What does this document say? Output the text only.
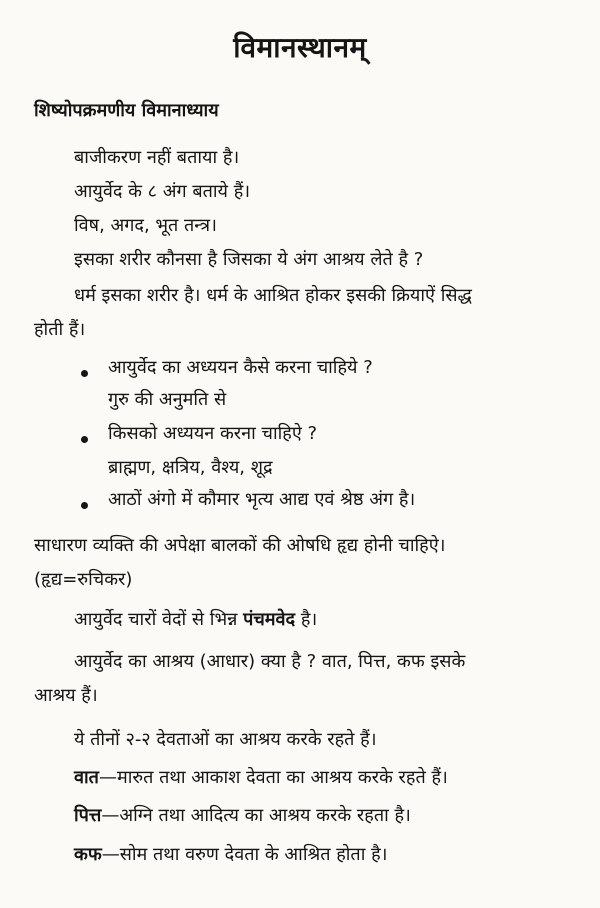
विमानस्थानम्
शिष्योपक्रमणीय विमानाध्याय
बाजीकरण नहीं बताया है।
आयुर्वेद के ८ अंग बताये हैं।
विष, अगद, भूत तन्त्र।
इसका शरीर कौनसा है जिसका ये अंग आश्रय लेते है ?
धर्म इसका शरीर है। धर्म के आश्रित होकर इसकी क्रियाऐं सिद्ध
होती हैं।
आयुर्वेद का अध्ययन कैसे करना चाहिये ?
गुरु की अनुमति से
किसको अध्ययन करना चाहिऐ ?
ब्राह्मण, क्षत्रिय, वैश्य, शूद्र
आठों अंगो में कौमार भृत्य आद्य एवं श्रेष्ठ अंग है।
साधारण व्यक्ति की अपेक्षा बालकों की ओषधि हृद्य होनी चाहिऐ।
(हृद्य=रुचिकर)
आयुर्वेद चारों वेदों से भिन्न पंचमवेद है।
आयुर्वेद का आश्रय (आधार) क्या है ? वात, पित्त, कफ इसके
आश्रय हैं।
ये तीनों २-२ देवताओं का आश्रय करके रहते हैं।
वात—मारुत तथा आकाश देवता का आश्रय करके रहते हैं।
पित्त—अग्नि तथा आदित्य का आश्रय करके रहता है।
कफ—सोम तथा वरुण देवता के आश्रित होता है।
